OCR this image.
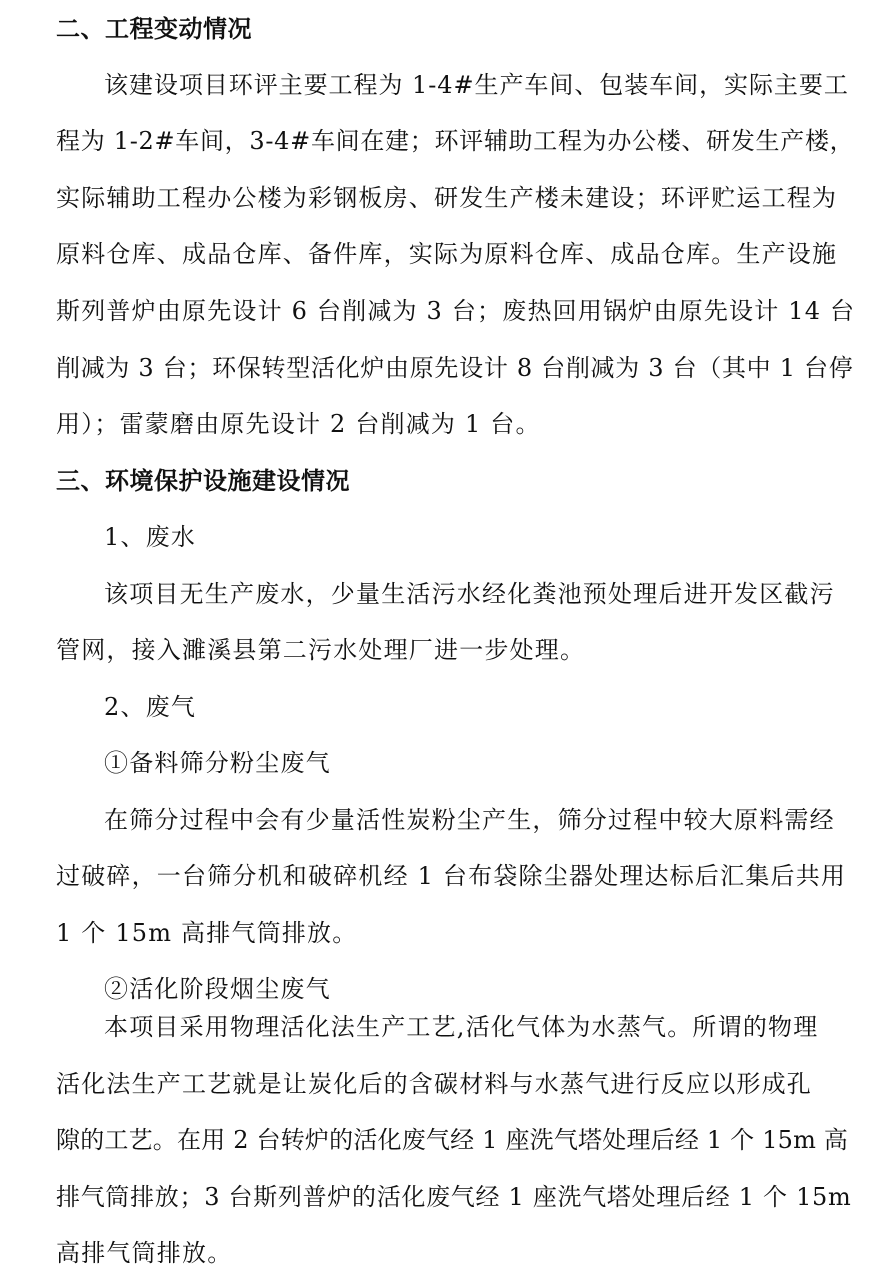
二、工程变动情况
该建设项目环评主要工程为 1-4#生产车间、包装车间，实际主要工
程为 1-2#车间，3-4#车间在建；环评辅助工程为办公楼、研发生产楼，
实际辅助工程办公楼为彩钢板房、研发生产楼未建设；环评贮运工程为
原料仓库、成品仓库、备件库，实际为原料仓库、成品仓库。生产设施
斯列普炉由原先设计 6 台削减为 3 台；废热回用锅炉由原先设计 14 台
削减为 3 台；环保转型活化炉由原先设计 8 台削减为 3 台（其中 1 台停
用）；雷蒙磨由原先设计 2 台削减为 1 台。
三、环境保护设施建设情况
1、废水
该项目无生产废水，少量生活污水经化粪池预处理后进开发区截污
管网，接入濉溪县第二污水处理厂进一步处理。
2、废气
①备料筛分粉尘废气
在筛分过程中会有少量活性炭粉尘产生，筛分过程中较大原料需经
过破碎，一台筛分机和破碎机经 1 台布袋除尘器处理达标后汇集后共用
1 个 15m 高排气筒排放。
②活化阶段烟尘废气
本项目采用物理活化法生产工艺,活化气体为水蒸气。所谓的物理
活化法生产工艺就是让炭化后的含碳材料与水蒸气进行反应以形成孔
隙的工艺。在用 2 台转炉的活化废气经 1 座洗气塔处理后经 1 个 15m 高
排气筒排放；3 台斯列普炉的活化废气经 1 座洗气塔处理后经 1 个 15m
高排气筒排放。
